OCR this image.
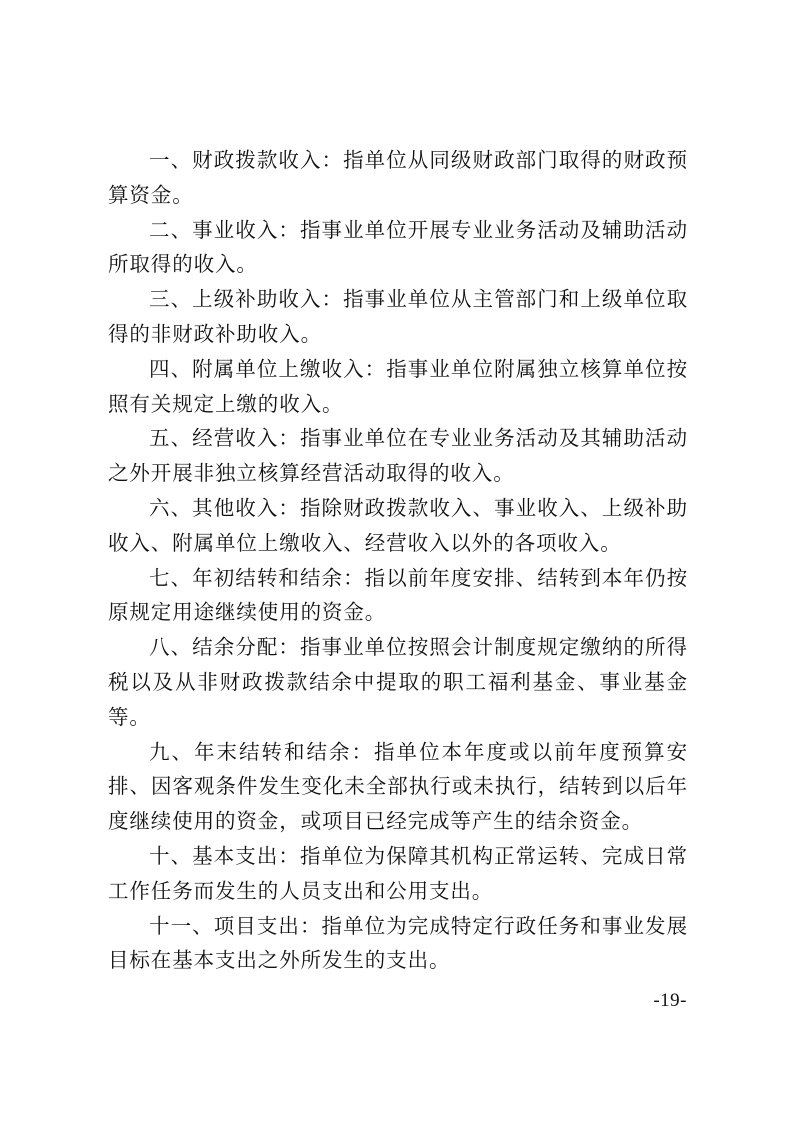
一、财政拨款收入：指单位从同级财政部门取得的财政预算资金。

二、事业收入：指事业单位开展专业业务活动及辅助活动所取得的收入。

三、上级补助收入：指事业单位从主管部门和上级单位取得的非财政补助收入。

四、附属单位上缴收入：指事业单位附属独立核算单位按照有关规定上缴的收入。

五、经营收入：指事业单位在专业业务活动及其辅助活动之外开展非独立核算经营活动取得的收入。

六、其他收入：指除财政拨款收入、事业收入、上级补助收入、附属单位上缴收入、经营收入以外的各项收入。

七、年初结转和结余：指以前年度安排、结转到本年仍按原规定用途继续使用的资金。

八、结余分配：指事业单位按照会计制度规定缴纳的所得税以及从非财政拨款结余中提取的职工福利基金、事业基金等。

九、年末结转和结余：指单位本年度或以前年度预算安排、因客观条件发生变化未全部执行或未执行，结转到以后年度继续使用的资金，或项目已经完成等产生的结余资金。

十、基本支出：指单位为保障其机构正常运转、完成日常工作任务而发生的人员支出和公用支出。

十一、项目支出：指单位为完成特定行政任务和事业发展目标在基本支出之外所发生的支出。

-19-
